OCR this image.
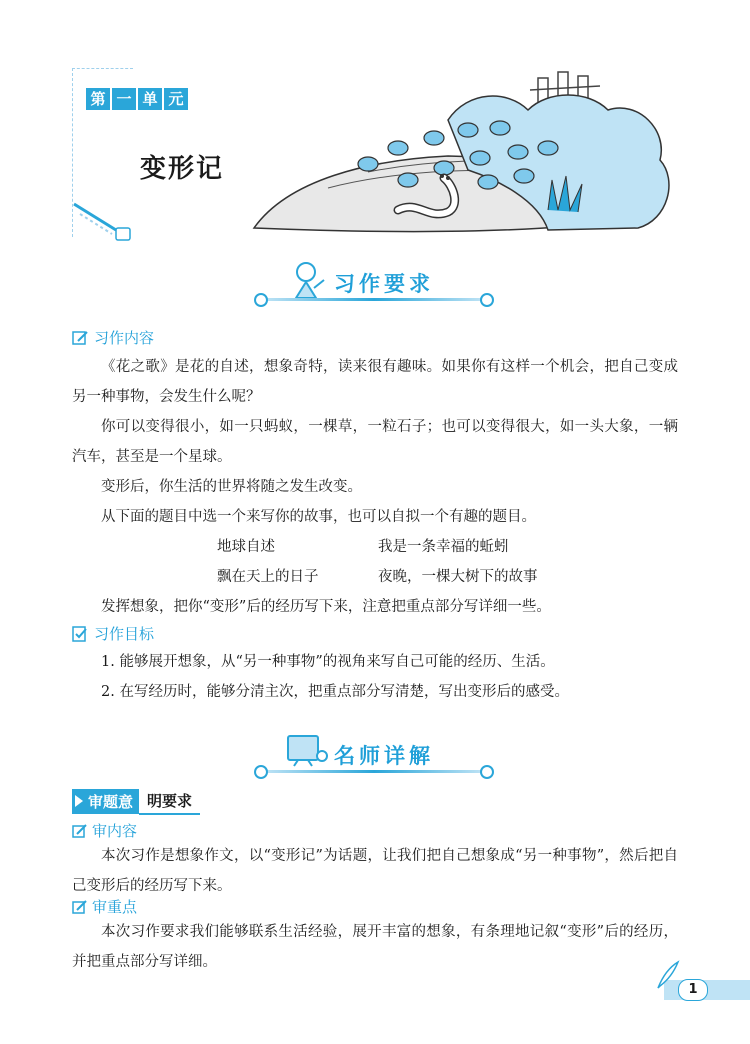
第 一 单 元
变形记
习作要求
习作内容
《花之歌》是花的自述，想象奇特，读来很有趣味。如果你有这样一个机会，把自己变成另一种事物，会发生什么呢？
你可以变得很小，如一只蚂蚁，一棵草，一粒石子；也可以变得很大，如一头大象，一辆汽车，甚至是一个星球。
变形后，你生活的世界将随之发生改变。
从下面的题目中选一个来写你的故事，也可以自拟一个有趣的题目。
地球自述	我是一条幸福的蚯蚓
飘在天上的日子	夜晚，一棵大树下的故事
发挥想象，把你“变形”后的经历写下来，注意把重点部分写详细一些。
习作目标
1. 能够展开想象，从“另一种事物”的视角来写自己可能的经历、生活。
2. 在写经历时，能够分清主次，把重点部分写清楚，写出变形后的感受。
名师详解
审题意 明要求
审内容
本次习作是想象作文，以“变形记”为话题，让我们把自己想象成“另一种事物”，然后把自己变形后的经历写下来。
审重点
本次习作要求我们能够联系生活经验，展开丰富的想象，有条理地记叙“变形”后的经历，并把重点部分写详细。
1
